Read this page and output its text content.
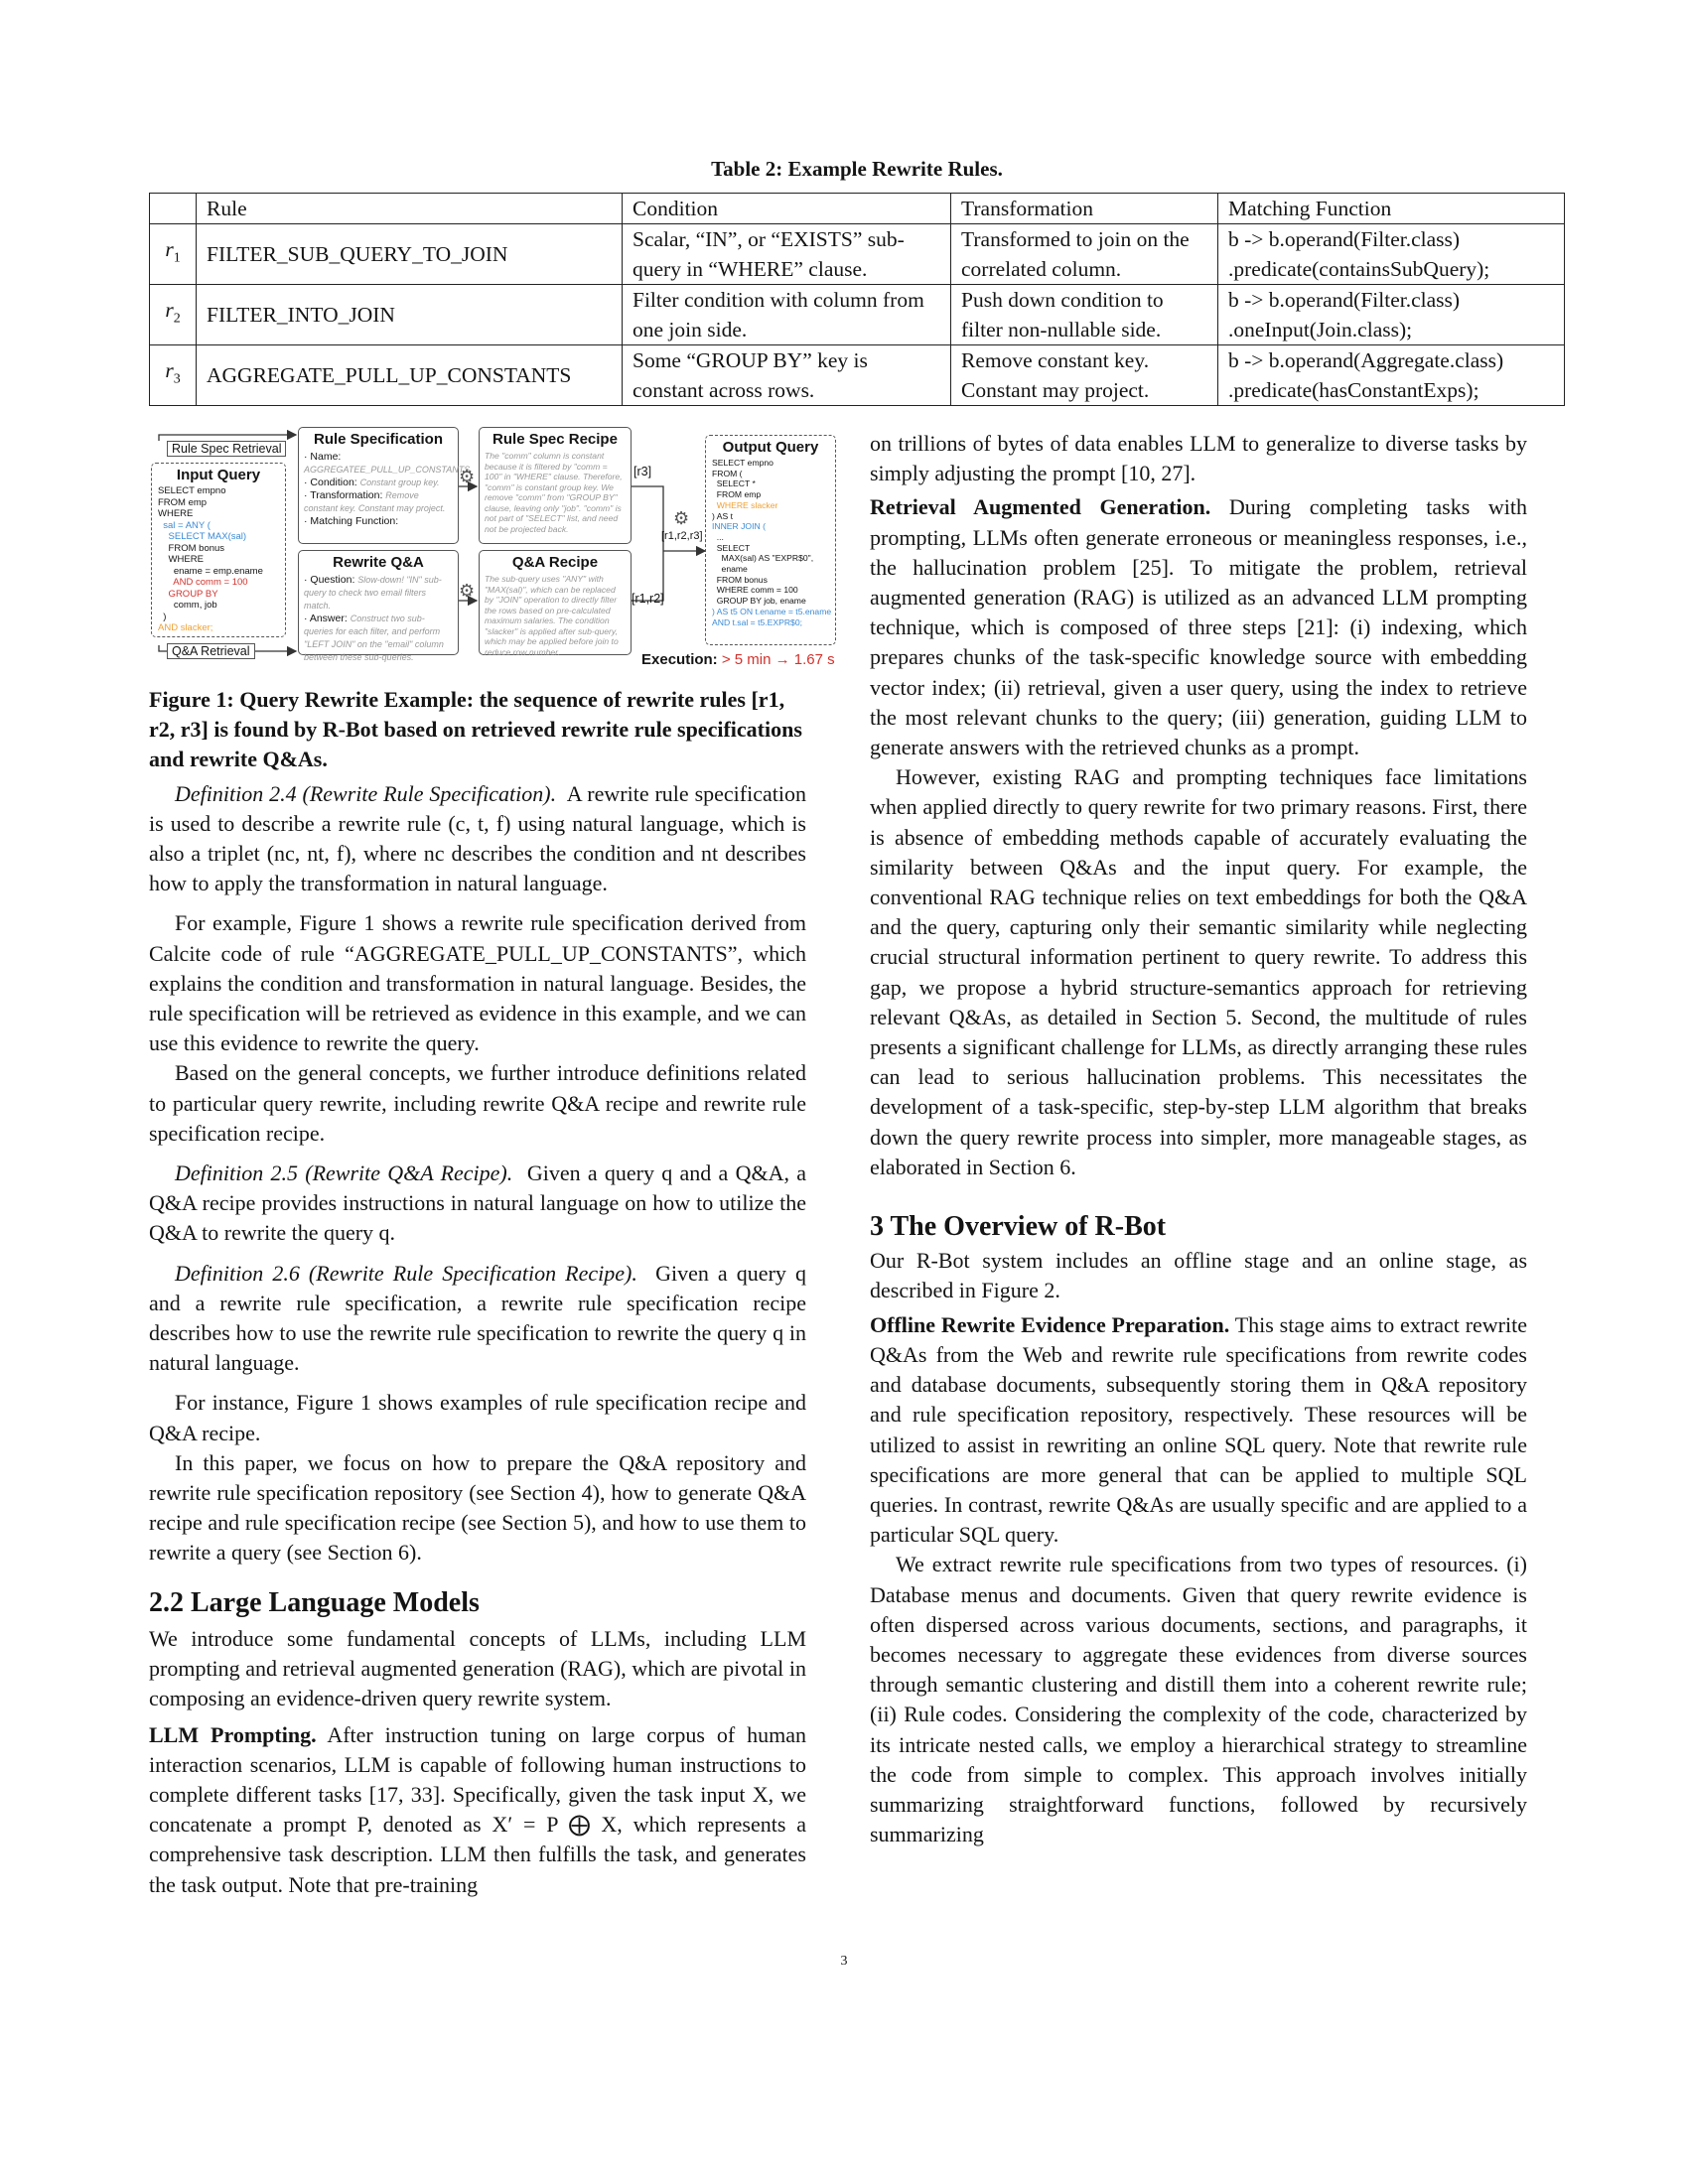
Table 2: Example Rewrite Rules.
	Rule	Condition	Transformation	Matching Function
$r_1$	FILTER_SUB_QUERY_TO_JOIN	Scalar, “IN”, or “EXISTS” sub-query in “WHERE” clause.	Transformed to join on the correlated column.	b -> b.operand(Filter.class)
.predicate(containsSubQuery);

$r_2$	FILTER_INTO_JOIN	Filter condition with column from one join side.	Push down condition to filter non-nullable side.	b -> b.operand(Filter.class)
.oneInput(Join.class);

$r_3$	AGGREGATE_PULL_UP_CONSTANTS	Some “GROUP BY” key is constant across rows.	Remove constant key. Constant may project.	b -> b.operand(Aggregate.class)
.predicate(hasConstantExps);
Rule Spec Retrieval
Q&A Retrieval
Input Query
SELECT empno
FROM emp
WHERE
sal = ANY (
SELECT MAX(sal)
FROM bonus
WHERE
ename = emp.ename
AND comm = 100
GROUP BY
comm, job
)
AND slacker;
Rule Specification
· Name: AGGREGATEE_PULL_UP_CONSTANTS
· Condition: Constant group key.
· Transformation: Remove constant key. Constant may project.
· Matching Function:
Rewrite Q&A
· Question: Slow-down! "IN" sub-query to check two email filters match.
· Answer: Construct two sub-queries for each filter, and perform "LEFT JOIN" on the "email" column between these sub-queries.
⚙
⚙
Rule Spec Recipe
The "comm" column is constant because it is filtered by "comm = 100" in "WHERE" clause. Therefore, "comm" is constant group key. We remove "comm" from "GROUP BY" clause, leaving only "job". "comm" is not part of "SELECT" list, and need not be projected back.
Q&A Recipe
The sub-query uses "ANY" with "MAX(sal)", which can be replaced by "JOIN" operation to directly filter the rows based on pre-calculated maximum salaries. The condition "slacker" is applied after sub-query, which may be applied before join to reduce row number.
[r3]
[r1,r2]
⚙
[r1,r2,r3]
Output Query
SELECT empno
FROM (
SELECT *
FROM emp
WHERE slacker
) AS t
INNER JOIN (
...
SELECT
MAX(sal) AS "EXPR$0",
ename
FROM bonus
WHERE comm = 100
GROUP BY job, ename
) AS t5 ON t.ename = t5.ename
AND t.sal = t5.EXPR$0;
Execution: > 5 min → 1.67 s

Figure 1: Query Rewrite Example: the sequence of rewrite rules [r1, r2, r3] is found by R-Bot based on retrieved rewrite rule specifications and rewrite Q&As.

Definition 2.4 (Rewrite Rule Specification). A rewrite rule specification is used to describe a rewrite rule (c, t, f) using natural language, which is also a triplet (nc, nt, f), where nc describes the condition and nt describes how to apply the transformation in natural language.

For example, Figure 1 shows a rewrite rule specification derived from Calcite code of rule “AGGREGATE_PULL_UP_CONSTANTS”, which explains the condition and transformation in natural language. Besides, the rule specification will be retrieved as evidence in this example, and we can use this evidence to rewrite the query.

Based on the general concepts, we further introduce definitions related to particular query rewrite, including rewrite Q&A recipe and rewrite rule specification recipe.

Definition 2.5 (Rewrite Q&A Recipe). Given a query q and a Q&A, a Q&A recipe provides instructions in natural language on how to utilize the Q&A to rewrite the query q.

Definition 2.6 (Rewrite Rule Specification Recipe). Given a query q and a rewrite rule specification, a rewrite rule specification recipe describes how to use the rewrite rule specification to rewrite the query q in natural language.

For instance, Figure 1 shows examples of rule specification recipe and Q&A recipe.

In this paper, we focus on how to prepare the Q&A repository and rewrite rule specification repository (see Section 4), how to generate Q&A recipe and rule specification recipe (see Section 5), and how to use them to rewrite a query (see Section 6).

2.2 Large Language Models

We introduce some fundamental concepts of LLMs, including LLM prompting and retrieval augmented generation (RAG), which are pivotal in composing an evidence-driven query rewrite system.

LLM Prompting. After instruction tuning on large corpus of human interaction scenarios, LLM is capable of following human instructions to complete different tasks [17, 33]. Specifically, given the task input X, we concatenate a prompt P, denoted as X′ = P ⨁ X, which represents a comprehensive task description. LLM then fulfills the task, and generates the task output. Note that pre-training

on trillions of bytes of data enables LLM to generalize to diverse tasks by simply adjusting the prompt [10, 27].

Retrieval Augmented Generation. During completing tasks with prompting, LLMs often generate erroneous or meaningless responses, i.e., the hallucination problem [25]. To mitigate the problem, retrieval augmented generation (RAG) is utilized as an advanced LLM prompting technique, which is composed of three steps [21]: (i) indexing, which prepares chunks of the task-specific knowledge source with embedding vector index; (ii) retrieval, given a user query, using the index to retrieve the most relevant chunks to the query; (iii) generation, guiding LLM to generate answers with the retrieved chunks as a prompt.

However, existing RAG and prompting techniques face limitations when applied directly to query rewrite for two primary reasons. First, there is absence of embedding methods capable of accurately evaluating the similarity between Q&As and the input query. For example, the conventional RAG technique relies on text embeddings for both the Q&A and the query, capturing only their semantic similarity while neglecting crucial structural information pertinent to query rewrite. To address this gap, we propose a hybrid structure-semantics approach for retrieving relevant Q&As, as detailed in Section 5. Second, the multitude of rules presents a significant challenge for LLMs, as directly arranging these rules can lead to serious hallucination problems. This necessitates the development of a task-specific, step-by-step LLM algorithm that breaks down the query rewrite process into simpler, more manageable stages, as elaborated in Section 6.

3 The Overview of R-Bot

Our R-Bot system includes an offline stage and an online stage, as described in Figure 2.

Offline Rewrite Evidence Preparation. This stage aims to extract rewrite Q&As from the Web and rewrite rule specifications from rewrite codes and database documents, subsequently storing them in Q&A repository and rule specification repository, respectively. These resources will be utilized to assist in rewriting an online SQL query. Note that rewrite rule specifications are more general that can be applied to multiple SQL queries. In contrast, rewrite Q&As are usually specific and are applied to a particular SQL query.

We extract rewrite rule specifications from two types of resources. (i) Database menus and documents. Given that query rewrite evidence is often dispersed across various documents, sections, and paragraphs, it becomes necessary to aggregate these evidences from diverse sources through semantic clustering and distill them into a coherent rewrite rule; (ii) Rule codes. Considering the complexity of the code, characterized by its intricate nested calls, we employ a hierarchical strategy to streamline the code from simple to complex. This approach involves initially summarizing straightforward functions, followed by recursively summarizing

3
